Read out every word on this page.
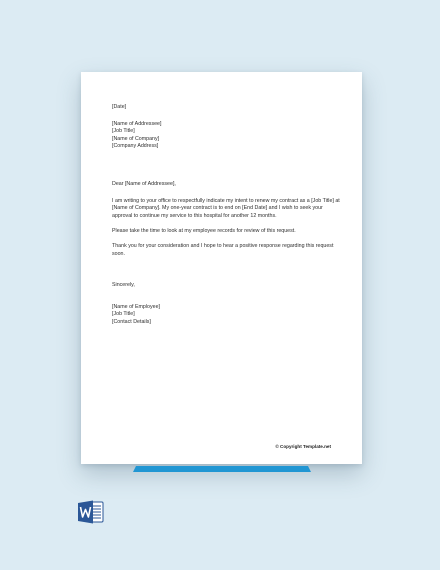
[Date]
[Name of Addressee]
[Job Title]
[Name of Company]
[Company Address]
Dear [Name of Addressee],
I am writing to your office to respectfully indicate my intent to renew my contract as a [Job Title] at [Name of Company]. My one-year contract is to end on [End Date] and I wish to seek your approval to continue my service to this hospital for another 12 months.
Please take the time to look at my employee records for review of this request.
Thank you for your consideration and I hope to hear a positive response regarding this request soon.
Sincerely,
[Name of Employee]
[Job Title]
[Contact Details]
© Copyright Template.net
